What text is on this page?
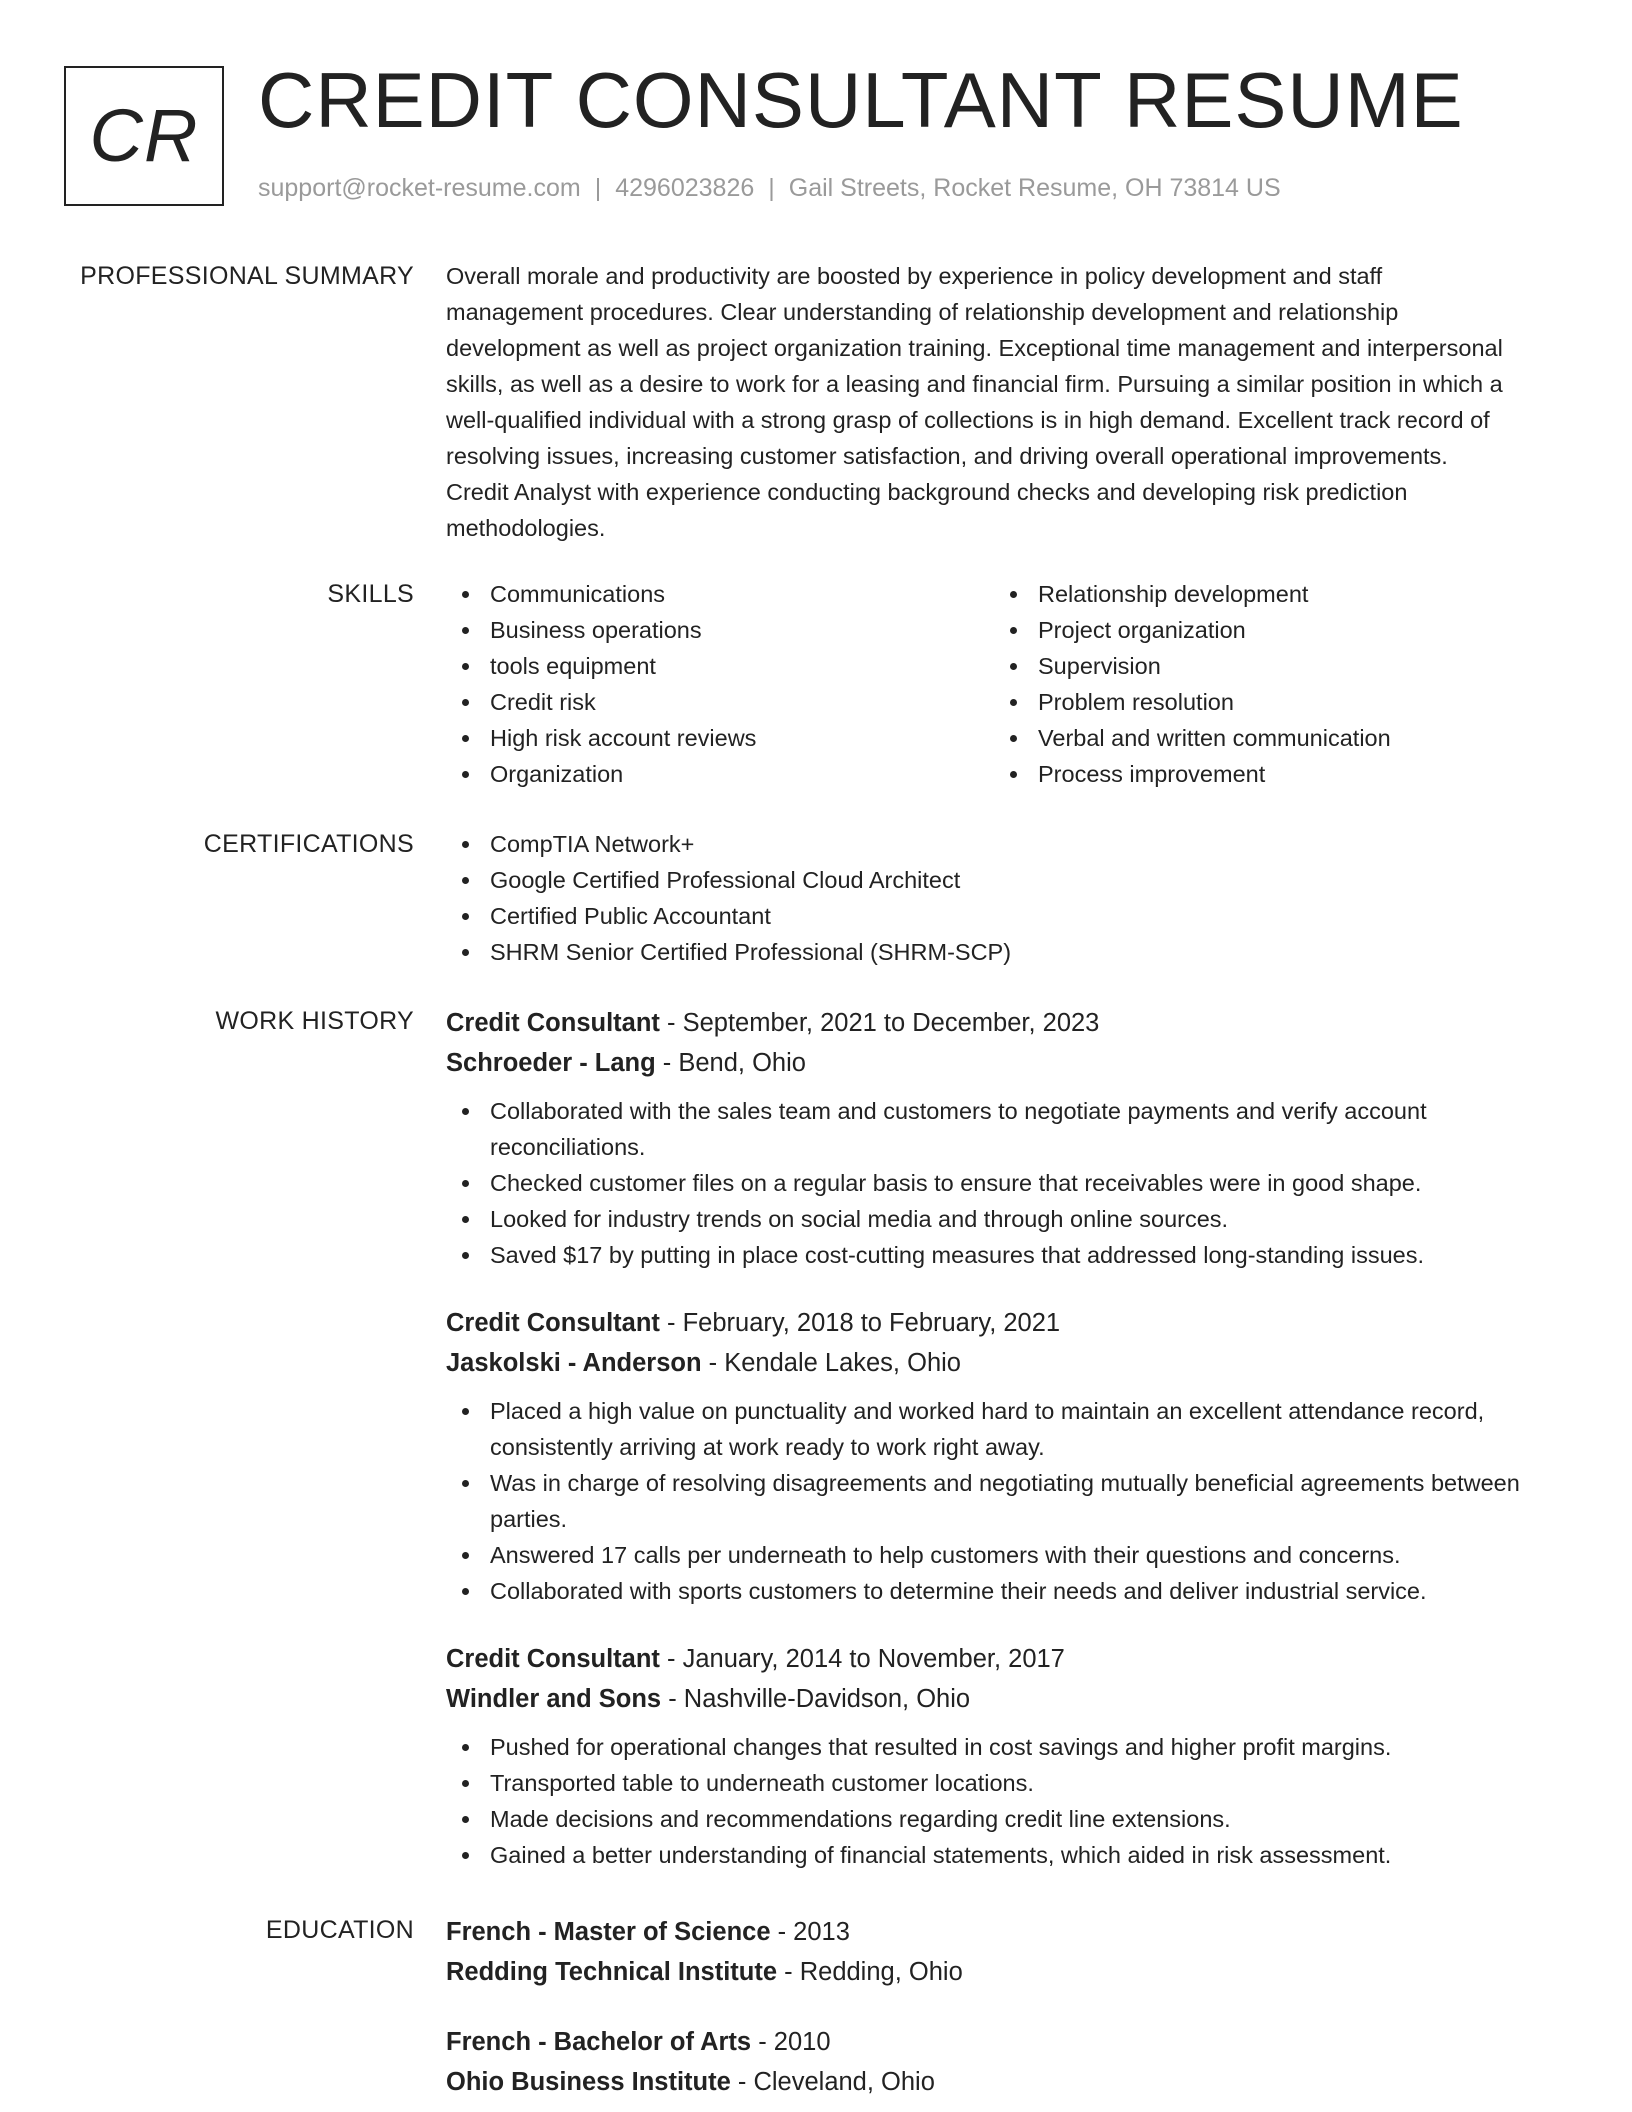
CR CREDIT CONSULTANT RESUME
support@rocket-resume.com | 4296023826 | Gail Streets, Rocket Resume, OH 73814 US
PROFESSIONAL SUMMARY Overall morale and productivity are boosted by experience in policy development and staff management procedures. Clear understanding of relationship development and relationship development as well as project organization training. Exceptional time management and interpersonal skills, as well as a desire to work for a leasing and financial firm. Pursuing a similar position in which a well-qualified individual with a strong grasp of collections is in high demand. Excellent track record of resolving issues, increasing customer satisfaction, and driving overall operational improvements. Credit Analyst with experience conducting background checks and developing risk prediction methodologies.

SKILLS	Communications
Business operations
tools equipment
Credit risk
High risk account reviews
Organization
Relationship development
Project organization
Supervision
Problem resolution
Verbal and written communication
Process improvement
CERTIFICATIONS	CompTIA Network+
Google Certified Professional Cloud Architect
Certified Public Accountant
SHRM Senior Certified Professional (SHRM-SCP)
WORK HISTORY Credit Consultant - September, 2021 to December, 2023
Schroeder - Lang - Bend, Ohio
Collaborated with the sales team and customers to negotiate payments and verify account reconciliations.
Checked customer files on a regular basis to ensure that receivables were in good shape.
Looked for industry trends on social media and through online sources.
Saved $17 by putting in place cost-cutting measures that addressed long-standing issues.
Credit Consultant - February, 2018 to February, 2021
Jaskolski - Anderson - Kendale Lakes, Ohio
Placed a high value on punctuality and worked hard to maintain an excellent attendance record, consistently arriving at work ready to work right away.
Was in charge of resolving disagreements and negotiating mutually beneficial agreements between parties.
Answered 17 calls per underneath to help customers with their questions and concerns.
Collaborated with sports customers to determine their needs and deliver industrial service.
Credit Consultant - January, 2014 to November, 2017
Windler and Sons - Nashville-Davidson, Ohio
Pushed for operational changes that resulted in cost savings and higher profit margins.
Transported table to underneath customer locations.
Made decisions and recommendations regarding credit line extensions.
Gained a better understanding of financial statements, which aided in risk assessment.
EDUCATION French - Master of Science - 2013
Redding Technical Institute - Redding, Ohio
French - Bachelor of Arts - 2010
Ohio Business Institute - Cleveland, Ohio
